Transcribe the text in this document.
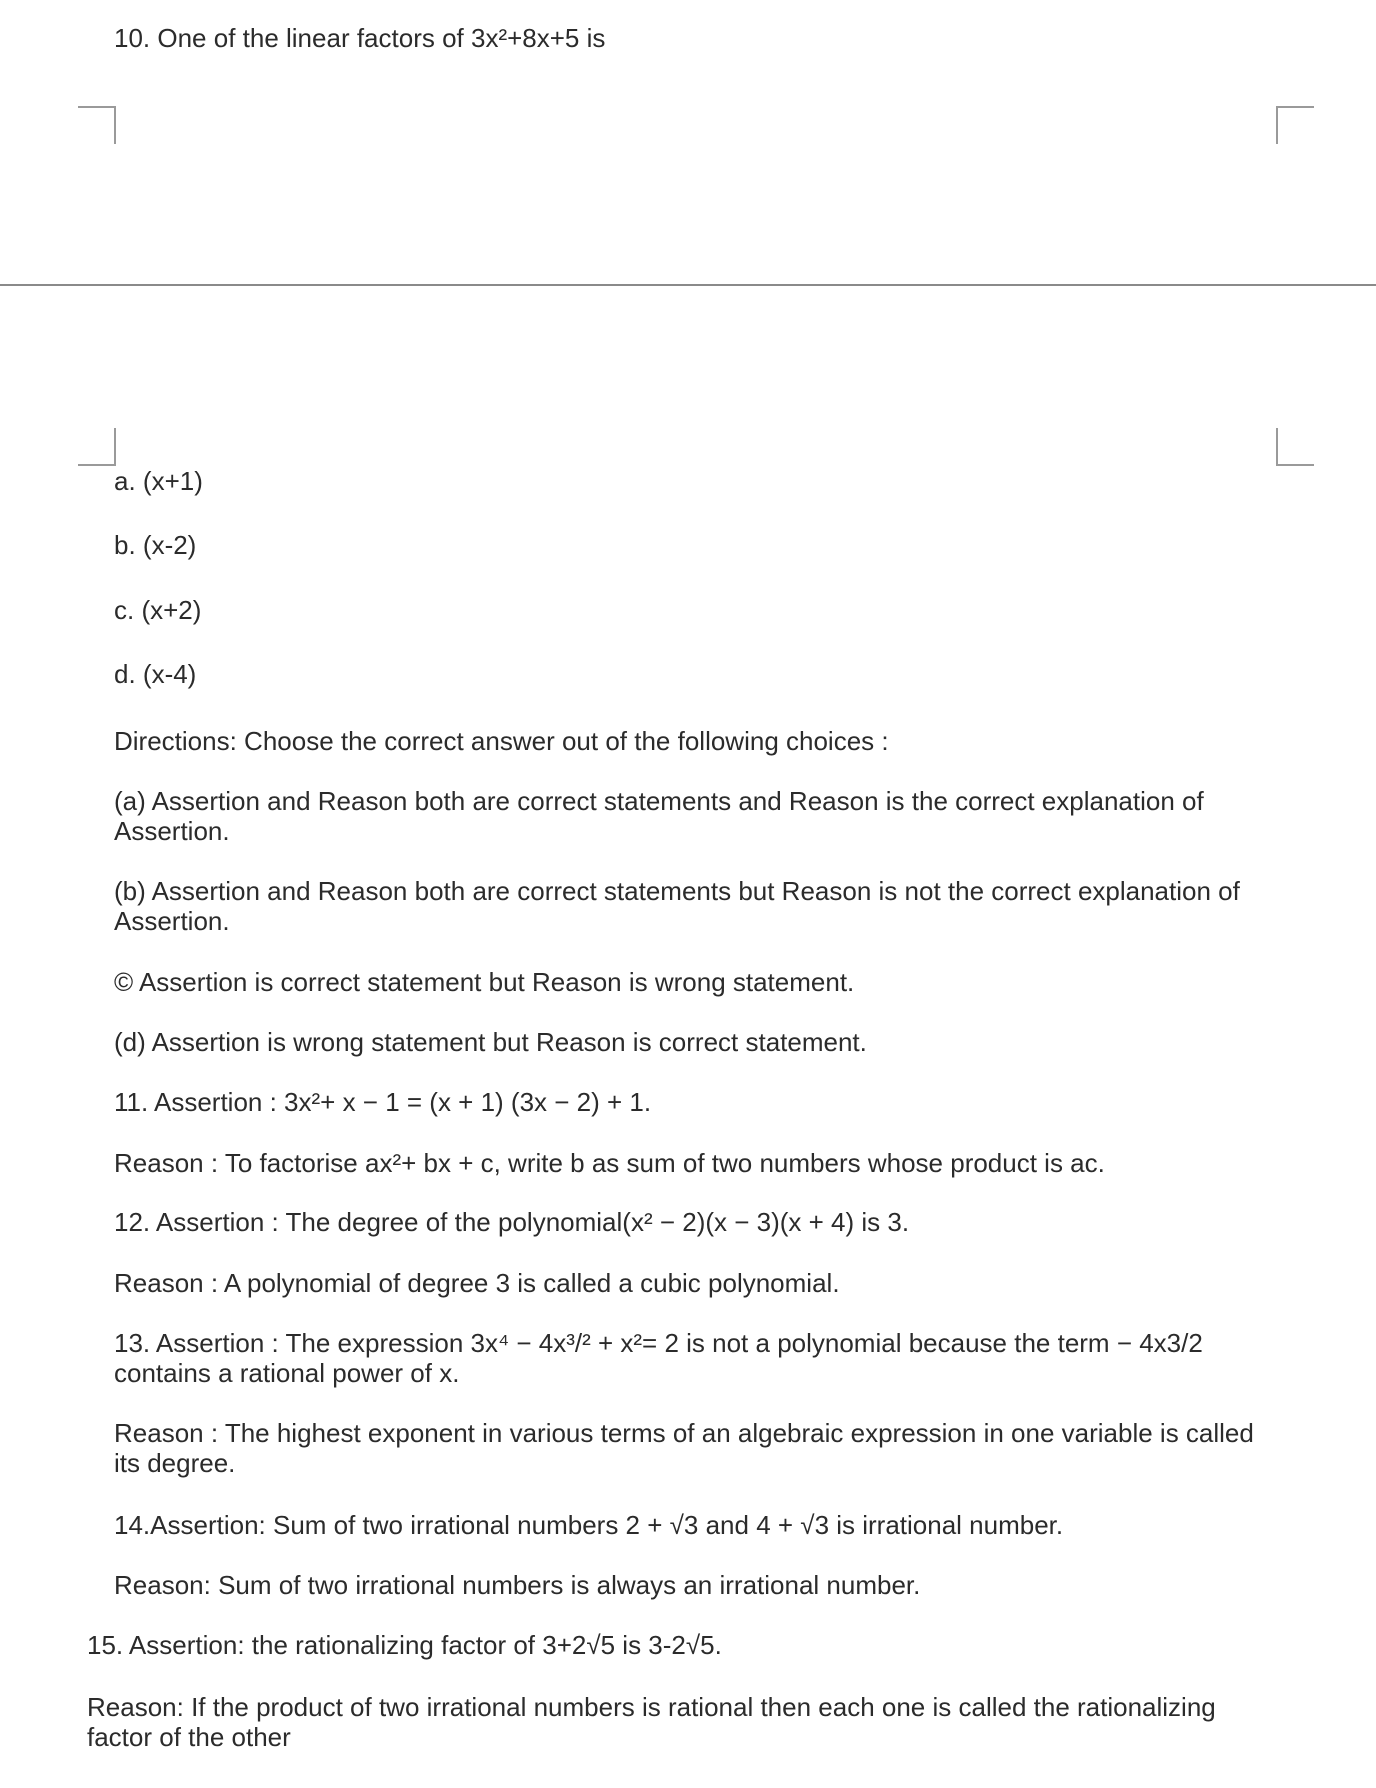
10. One of the linear factors of 3x²+8x+5 is
a. (x+1)
b. (x-2)
c. (x+2)
d. (x-4)
Directions: Choose the correct answer out of the following choices :
(a) Assertion and Reason both are correct statements and Reason is the correct explanation of Assertion.
(b) Assertion and Reason both are correct statements but Reason is not the correct explanation of Assertion.
© Assertion is correct statement but Reason is wrong statement.
(d) Assertion is wrong statement but Reason is correct statement.
11. Assertion : 3x²+ x − 1 = (x + 1) (3x − 2) + 1.
Reason : To factorise ax²+ bx + c, write b as sum of two numbers whose product is ac.
12. Assertion : The degree of the polynomial(x² − 2)(x − 3)(x + 4) is 3.
Reason : A polynomial of degree 3 is called a cubic polynomial.
13. Assertion : The expression 3x⁴ − 4x³/² + x²= 2 is not a polynomial because the term − 4x3/2 contains a rational power of x.
Reason : The highest exponent in various terms of an algebraic expression in one variable is called its degree.
14.Assertion: Sum of two irrational numbers 2 + √3 and 4 + √3 is irrational number.
Reason: Sum of two irrational numbers is always an irrational number.
15. Assertion: the rationalizing factor of 3+2√5 is 3-2√5.
Reason: If the product of two irrational numbers is rational then each one is called the rationalizing factor of the other
